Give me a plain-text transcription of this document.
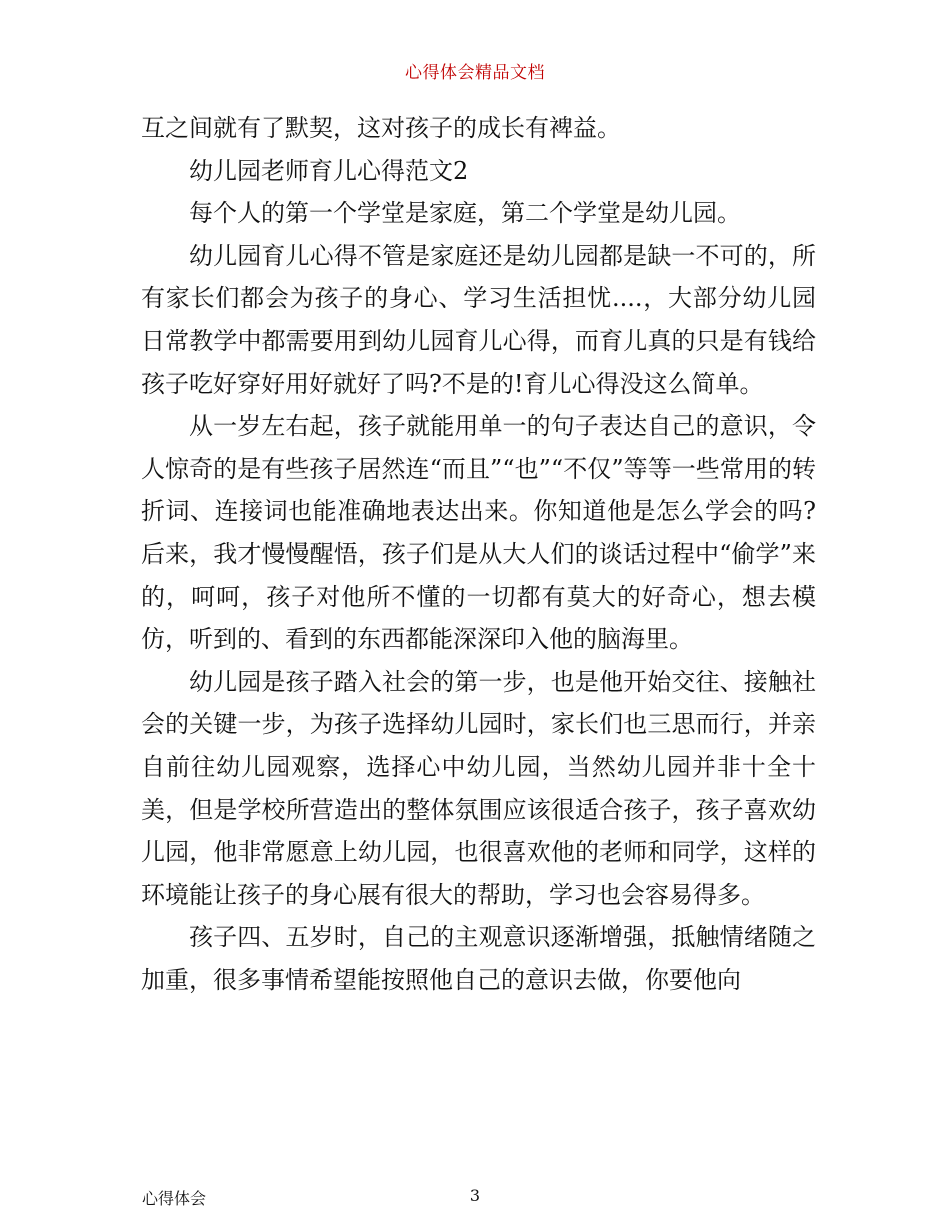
心得体会精品文档

互之间就有了默契，这对孩子的成长有裨益。

幼儿园老师育儿心得范文2

每个人的第一个学堂是家庭，第二个学堂是幼儿园。

幼儿园育儿心得不管是家庭还是幼儿园都是缺一不可的，所有家长们都会为孩子的身心、学习生活担忧....，大部分幼儿园日常教学中都需要用到幼儿园育儿心得，而育儿真的只是有钱给孩子吃好穿好用好就好了吗?不是的!育儿心得没这么简单。

从一岁左右起，孩子就能用单一的句子表达自己的意识，令人惊奇的是有些孩子居然连“而且”“也”“不仅”等等一些常用的转折词、连接词也能准确地表达出来。你知道他是怎么学会的吗?后来，我才慢慢醒悟，孩子们是从大人们的谈话过程中“偷学”来的，呵呵，孩子对他所不懂的一切都有莫大的好奇心，想去模仿，听到的、看到的东西都能深深印入他的脑海里。

幼儿园是孩子踏入社会的第一步，也是他开始交往、接触社会的关键一步，为孩子选择幼儿园时，家长们也三思而行，并亲自前往幼儿园观察，选择心中幼儿园，当然幼儿园并非十全十美，但是学校所营造出的整体氛围应该很适合孩子，孩子喜欢幼儿园，他非常愿意上幼儿园，也很喜欢他的老师和同学，这样的环境能让孩子的身心展有很大的帮助，学习也会容易得多。

孩子四、五岁时，自己的主观意识逐渐增强，抵触情绪随之加重，很多事情希望能按照他自己的意识去做，你要他向

心得体会	3
